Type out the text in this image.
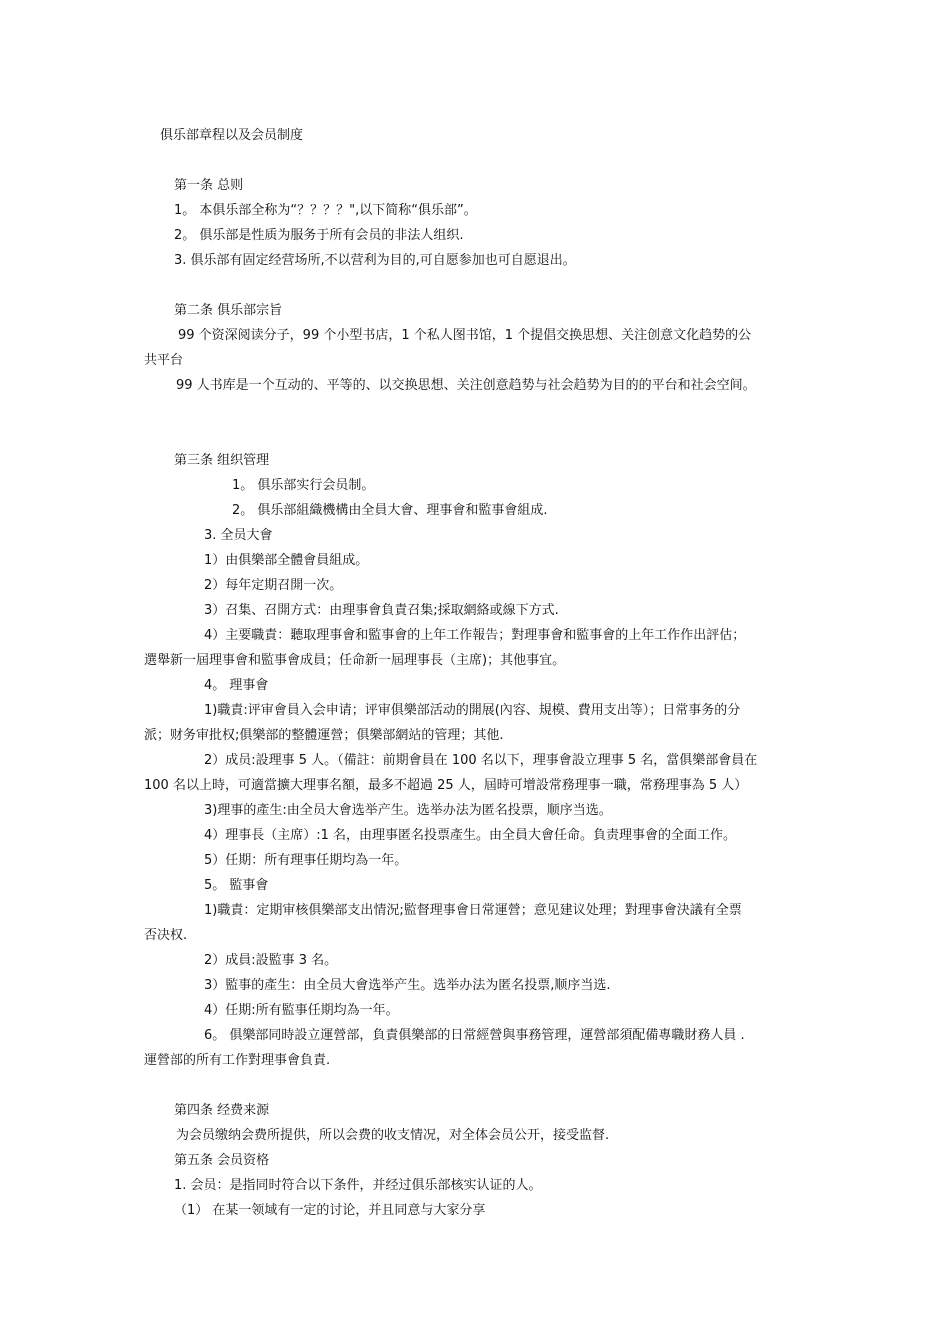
俱乐部章程以及会员制度
第一条 总则
1。 本俱乐部全称为“？？？？",以下简称“俱乐部”。
2。 俱乐部是性质为服务于所有会员的非法人组织.
3. 俱乐部有固定经营场所,不以营利为目的,可自愿参加也可自愿退出。
第二条 俱乐部宗旨
99 个资深阅读分子，99 个小型书店，1 个私人图书馆，1 个提倡交换思想、关注创意文化趋势的公
共平台
99 人书库是一个互动的、平等的、以交换思想、关注创意趋势与社会趋势为目的的平台和社会空间。
第三条 组织管理
1。 俱乐部实行会员制。
2。 俱乐部組織機構由全員大會、理事會和監事會組成.
3. 全员大會
1）由俱樂部全體會員組成。
2）每年定期召開一次。
3）召集、召開方式：由理事會負責召集;採取網絡或線下方式.
4）主要職責：聽取理事會和監事會的上年工作報告；對理事會和監事會的上年工作作出評估；
選舉新一屆理事會和監事會成員；任命新一屆理事長（主席)；其他事宜。
4。 理事會
1)職責:评审會員入会申请；评审俱樂部活动的開展(內容、規模、費用支出等）；日常事务的分
派；财务审批权;俱樂部的整體運營；俱樂部網站的管理；其他.
2）成员:設理事 5 人。（備註：前期會員在 100 名以下，理事會設立理事 5 名，當俱樂部會員在
100 名以上時，可適當擴大理事名額，最多不超過 25 人，屆時可增設常務理事一職，常務理事為 5 人）
3)理事的產生:由全员大會选举产生。选举办法为匿名投票，顺序当选。
4）理事長（主席）:1 名，由理事匿名投票產生。由全員大會任命。負责理事會的全面工作。
5）任期：所有理事任期均為一年。
5。 監事會
1)職責：定期审核俱樂部支出情況;監督理事會日常運營；意见建议处理；對理事會決議有全票
否决权.
2）成員:設監事 3 名。
3）監事的產生：由全员大會选举产生。选举办法为匿名投票,顺序当选.
4）任期:所有監事任期均為一年。
6。 俱樂部同時設立運營部，負責俱樂部的日常經營與事務管理，運營部須配備專職財務人員 .
運營部的所有工作對理事會負責.
第四条 经费来源
为会员缴纳会费所提供，所以会费的收支情况，对全体会员公开，接受监督.
第五条 会员资格
1. 会员：是指同时符合以下条件，并经过俱乐部核实认证的人。
（1） 在某一领域有一定的讨论，并且同意与大家分享
